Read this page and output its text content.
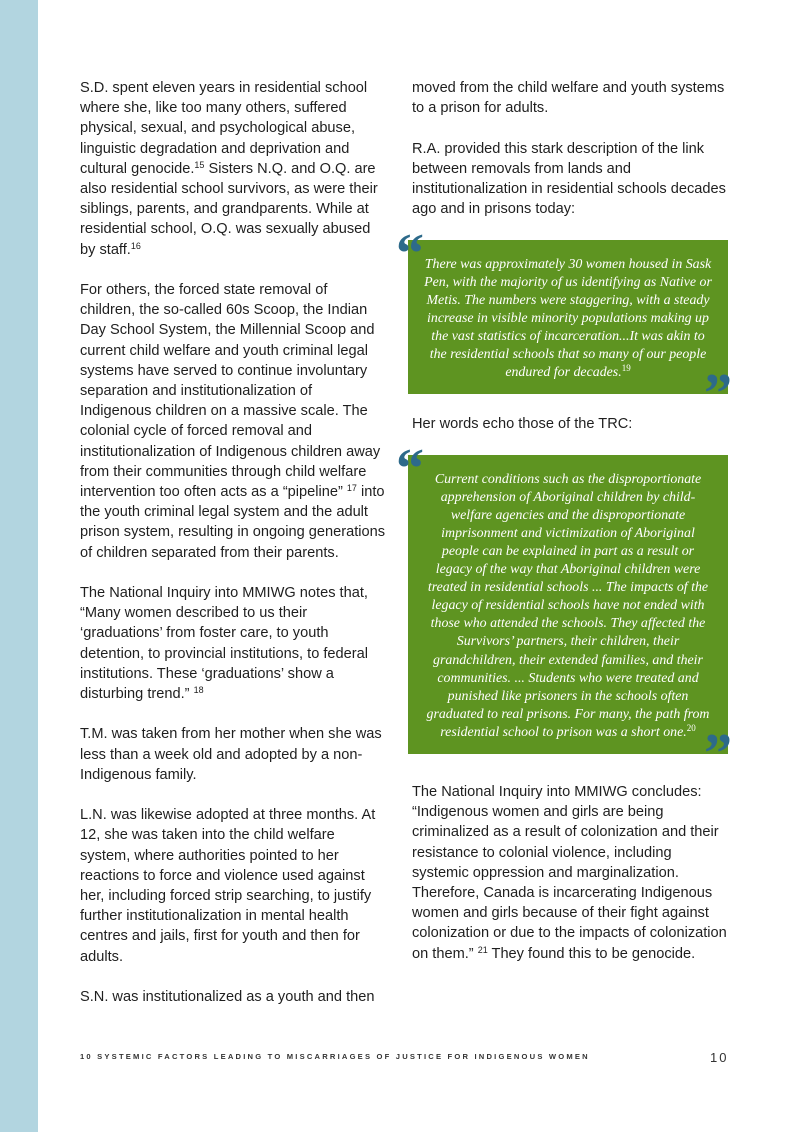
S.D. spent eleven years in residential school where she, like too many others, suffered physical, sexual, and psychological abuse, linguistic degradation and deprivation and cultural genocide.$^{15}$ Sisters N.Q. and O.Q. are also residential school survivors, as were their siblings, parents, and grandparents. While at residential school, O.Q. was sexually abused by staff.$^{16}$

For others, the forced state removal of children, the so-called 60s Scoop, the Indian Day School System, the Millennial Scoop and current child welfare and youth criminal legal systems have served to continue involuntary separation and institutionalization of Indigenous children on a massive scale. The colonial cycle of forced removal and institutionalization of Indigenous children away from their communities through child welfare intervention too often acts as a “pipeline” $^{17}$ into the youth criminal legal system and the adult prison system, resulting in ongoing generations of children separated from their parents.

The National Inquiry into MMIWG notes that, “Many women described to us their ‘graduations’ from foster care, to youth detention, to provincial institutions, to federal institutions. These ‘graduations’ show a disturbing trend.” $^{18}$

T.M. was taken from her mother when she was less than a week old and adopted by a non-Indigenous family.

L.N. was likewise adopted at three months. At 12, she was taken into the child welfare system, where authorities pointed to her reactions to force and violence used against her, including forced strip searching, to justify further institutionalization in mental health centres and jails, first for youth and then for adults.

S.N. was institutionalized as a youth and then

moved from the child welfare and youth systems to a prison for adults.

R.A. provided this stark description of the link between removals from lands and institutionalization in residential schools decades ago and in prisons today:

“ There was approximately 30 women housed in Sask Pen, with the majority of us identifying as Native or Metis. The numbers were staggering, with a steady increase in visible minority populations making up the vast statistics of incarceration...It was akin to the residential schools that so many of our people endured for decades.$^{19}$	”

Her words echo those of the TRC:

“ Current conditions such as the disproportionate apprehension of Aboriginal children by child-welfare agencies and the disproportionate imprisonment and victimization of Aboriginal people can be explained in part as a result or legacy of the way that Aboriginal children were treated in residential schools ... The impacts of the legacy of residential schools have not ended with those who attended the schools. They affected the Survivors’ partners, their children, their grandchildren, their extended families, and their communities. ... Students who were treated and punished like prisoners in the schools often graduated to real prisons. For many, the path from residential school to prison was a short one.$^{20}$ ”

The National Inquiry into MMIWG concludes: “Indigenous women and girls are being criminalized as a result of colonization and their resistance to colonial violence, including systemic oppression and marginalization. Therefore, Canada is incarcerating Indigenous women and girls because of their fight against colonization or due to the impacts of colonization on them.” $^{21}$ They found this to be genocide.

10 SYSTEMIC FACTORS LEADING TO MISCARRIAGES OF JUSTICE FOR INDIGENOUS WOMEN	10
